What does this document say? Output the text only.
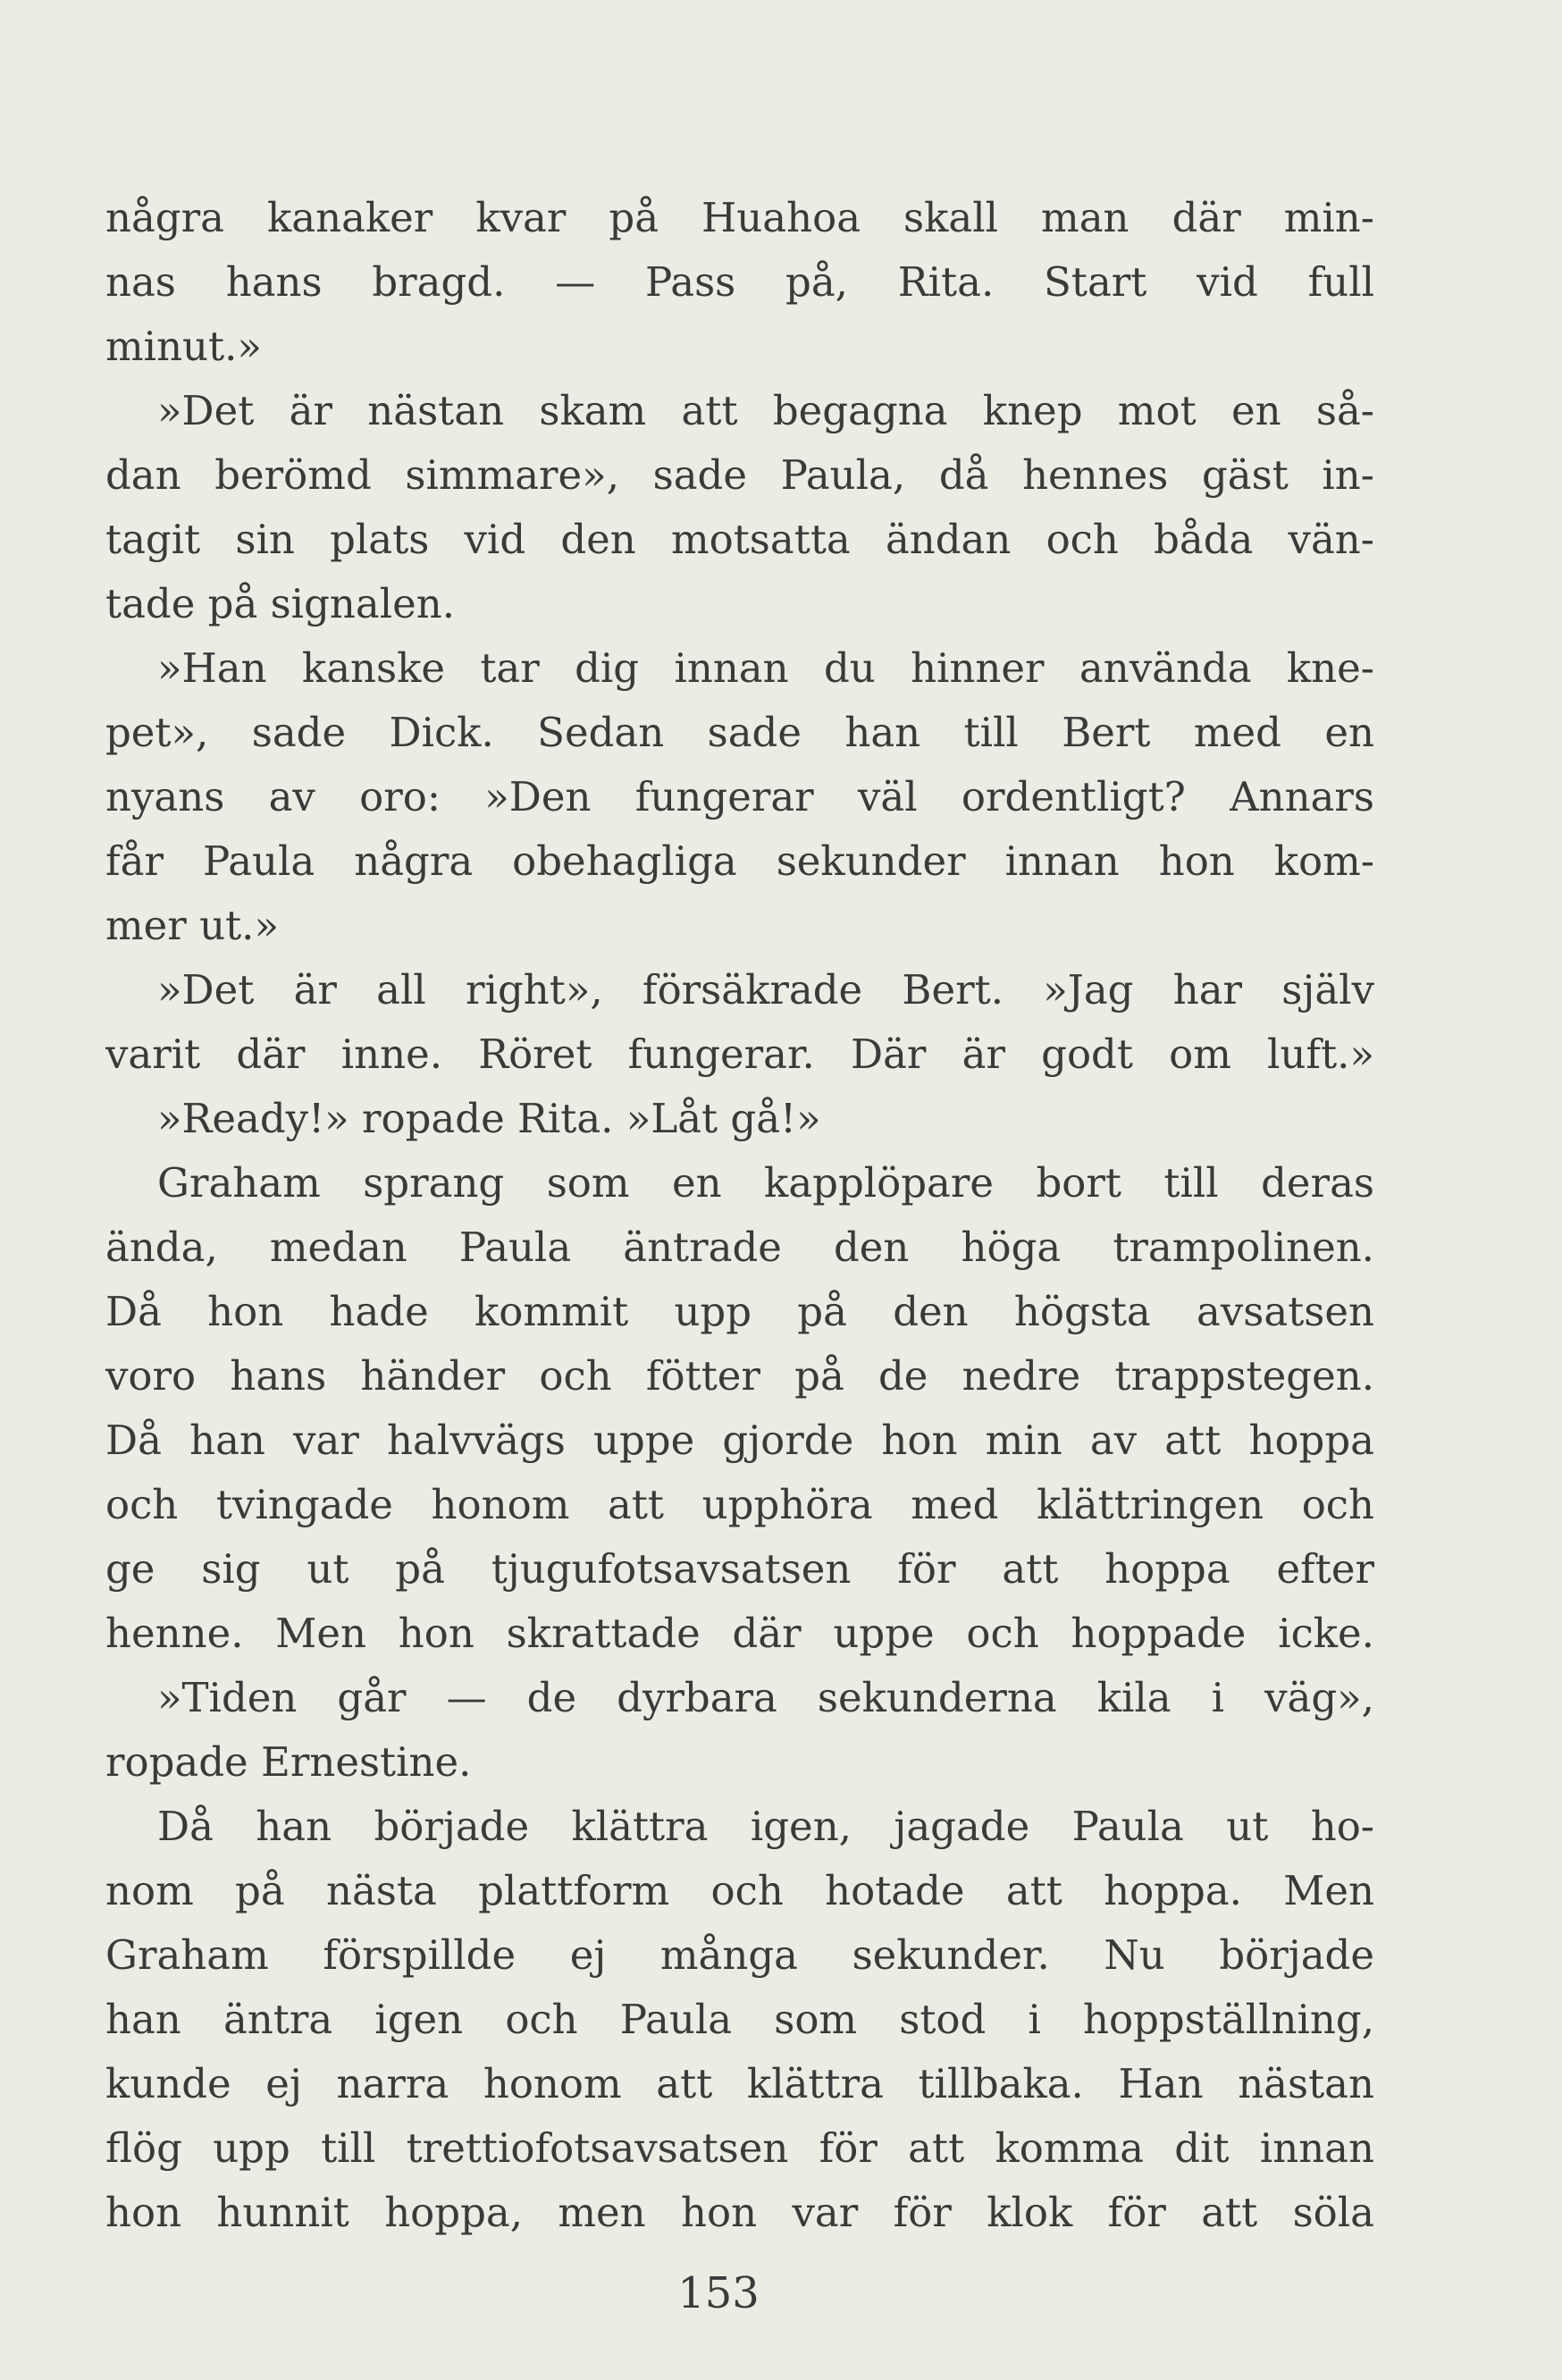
några kanaker kvar på Huahoa skall man där min-
nas hans bragd. — Pass på, Rita. Start vid full
minut.»
»Det är nästan skam att begagna knep mot en så-
dan berömd simmare», sade Paula, då hennes gäst in-
tagit sin plats vid den motsatta ändan och båda vän-
tade på signalen.
»Han kanske tar dig innan du hinner använda kne-
pet», sade Dick. Sedan sade han till Bert med en
nyans av oro: »Den fungerar väl ordentligt? Annars
får Paula några obehagliga sekunder innan hon kom-
mer ut.»
»Det är all right», försäkrade Bert. »Jag har själv
varit där inne. Röret fungerar. Där är godt om luft.»
»Ready!» ropade Rita. »Låt gå!»
Graham sprang som en kapplöpare bort till deras
ända, medan Paula äntrade den höga trampolinen.
Då hon hade kommit upp på den högsta avsatsen
voro hans händer och fötter på de nedre trappstegen.
Då han var halvvägs uppe gjorde hon min av att hoppa
och tvingade honom att upphöra med klättringen och
ge sig ut på tjugufotsavsatsen för att hoppa efter
henne. Men hon skrattade där uppe och hoppade icke.
»Tiden går — de dyrbara sekunderna kila i väg»,
ropade Ernestine.
Då han började klättra igen, jagade Paula ut ho-
nom på nästa plattform och hotade att hoppa. Men
Graham förspillde ej många sekunder. Nu började
han äntra igen och Paula som stod i hoppställning,
kunde ej narra honom att klättra tillbaka. Han nästan
flög upp till trettiofotsavsatsen för att komma dit innan
hon hunnit hoppa, men hon var för klok för att söla
153
